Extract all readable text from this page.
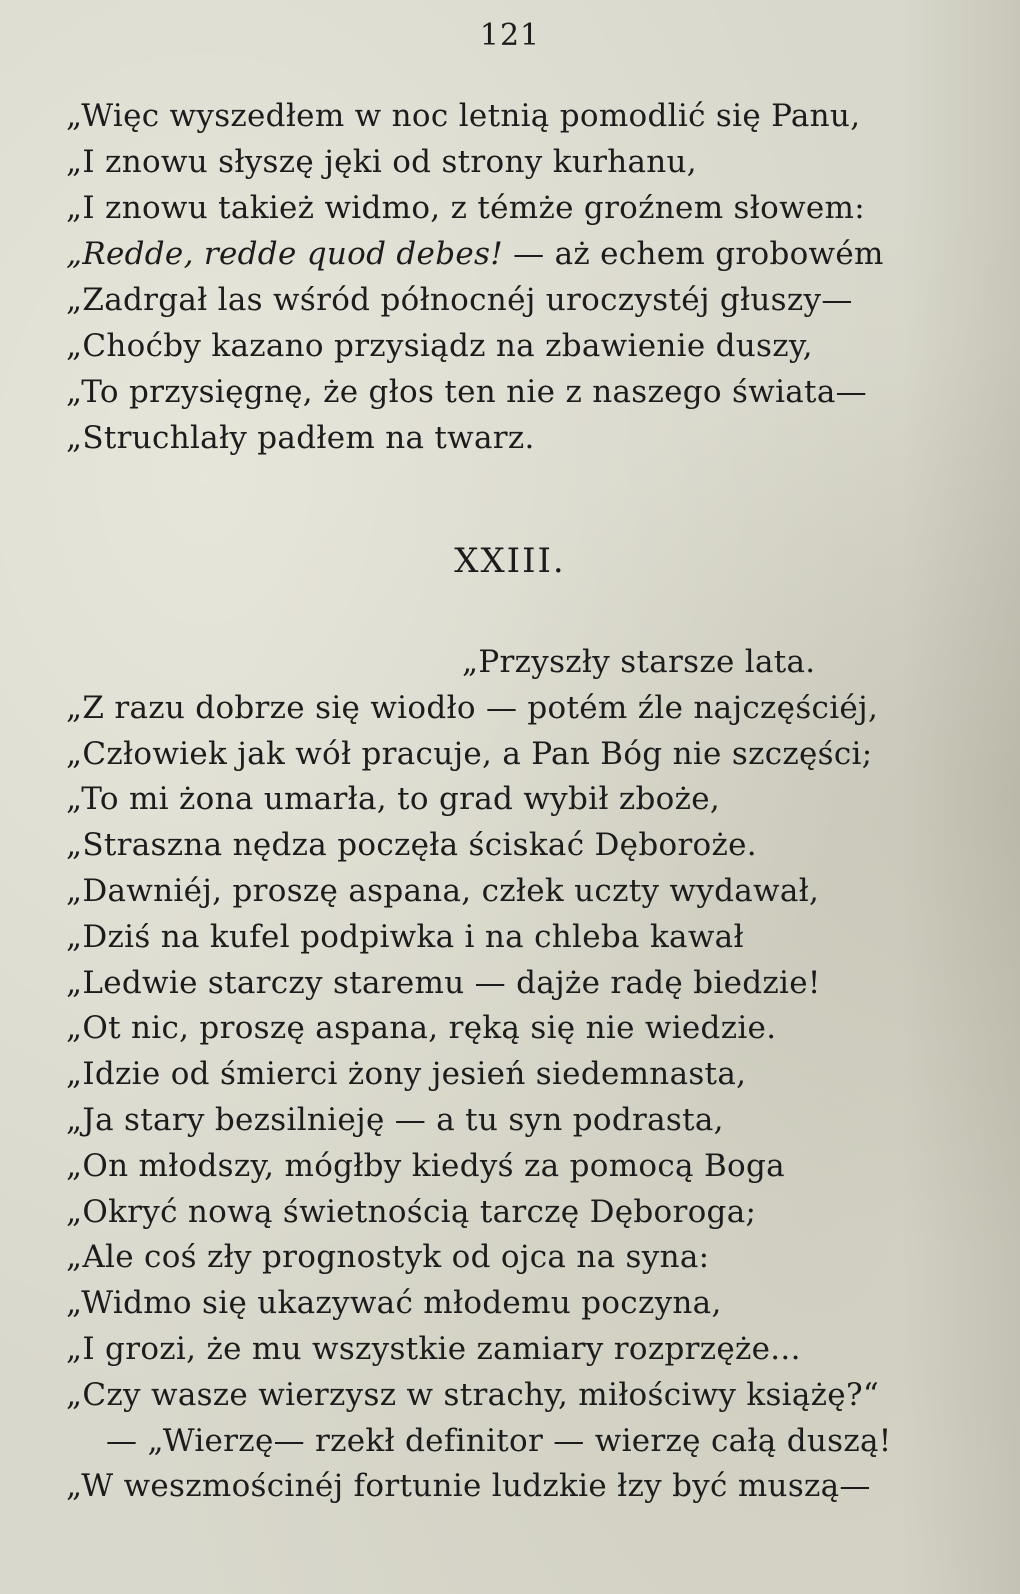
121
„Więc wyszedłem w noc letnią pomodlić się Panu,
„I znowu słyszę jęki od strony kurhanu,
„I znowu takież widmo, z témże groźnem słowem:
„Redde, redde quod debes! — aż echem grobowém
„Zadrgał las wśród północnéj uroczystéj głuszy—
„Choćby kazano przysiądz na zbawienie duszy,
„To przysięgnę, że głos ten nie z naszego świata—
„Struchlały padłem na twarz.
XXIII.
„Przyszły starsze lata.
„Z razu dobrze się wiodło — potém źle najczęściéj,
„Człowiek jak wół pracuje, a Pan Bóg nie szczęści;
„To mi żona umarła, to grad wybił zboże,
„Straszna nędza poczęła ściskać Dęboroże.
„Dawniéj, proszę aspana, człek uczty wydawał,
„Dziś na kufel podpiwka i na chleba kawał
„Ledwie starczy staremu — dajże radę biedzie!
„Ot nic, proszę aspana, ręką się nie wiedzie.
„Idzie od śmierci żony jesień siedemnasta,
„Ja stary bezsilnieję — a tu syn podrasta,
„On młodszy, mógłby kiedyś za pomocą Boga
„Okryć nową świetnością tarczę Dęboroga;
„Ale coś zły prognostyk od ojca na syna:
„Widmo się ukazywać młodemu poczyna,
„I grozi, że mu wszystkie zamiary rozprzęże...
„Czy wasze wierzysz w strachy, miłościwy książę?“
— „Wierzę— rzekł definitor — wierzę całą duszą!
„W weszmościnéj fortunie ludzkie łzy być muszą—
